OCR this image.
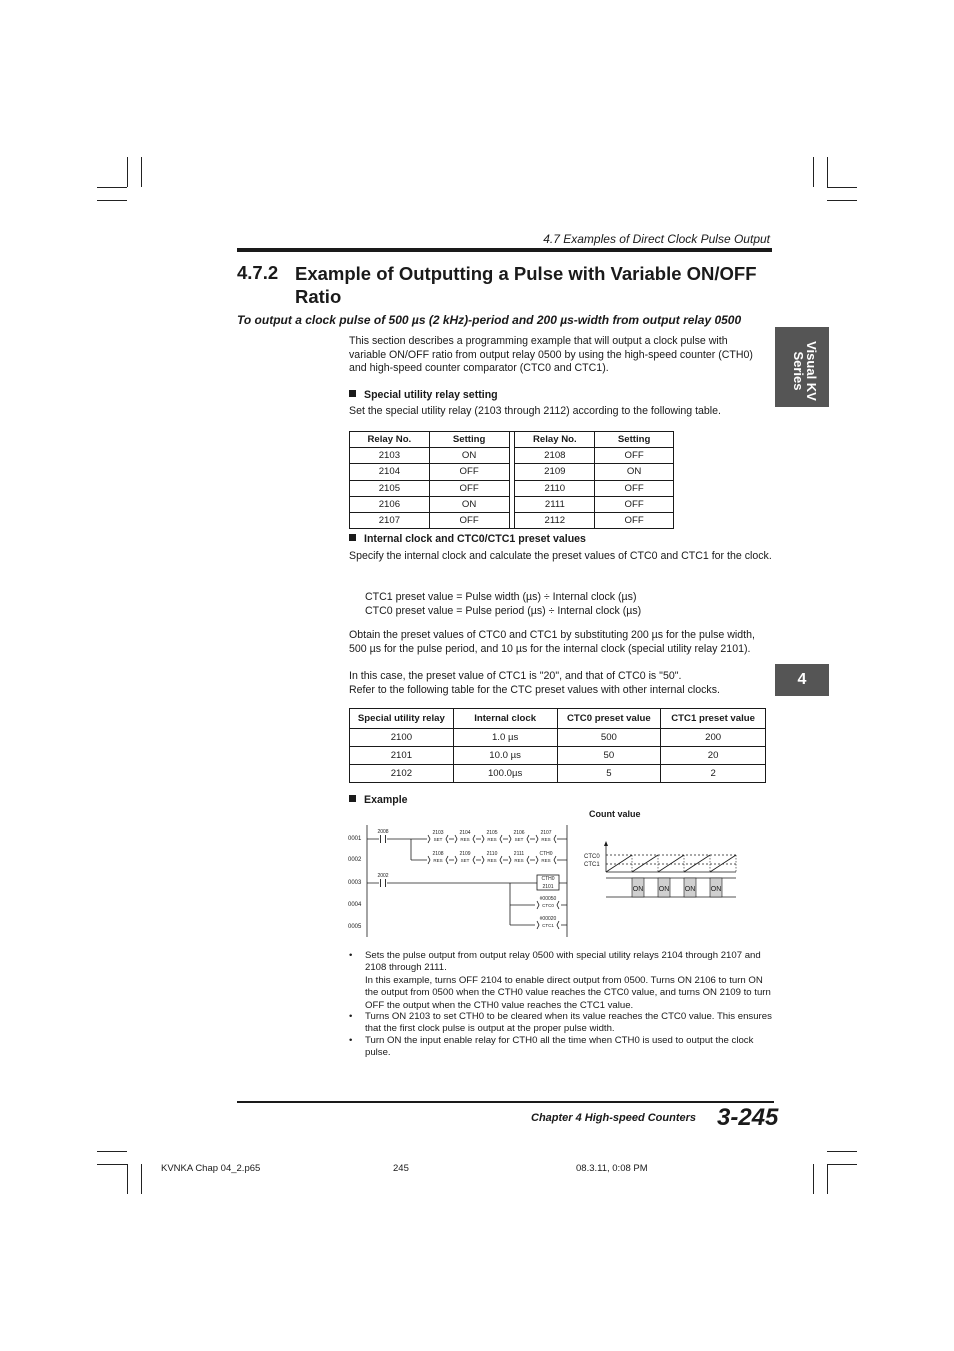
4.7 Examples of Direct Clock Pulse Output
4.7.2 Example of Outputting a Pulse with Variable ON/OFF Ratio
To output a clock pulse of 500 µs (2 kHz)-period and 200 µs-width from output relay 0500
Visual KV Series
4
This section describes a programming example that will output a clock pulse with variable ON/OFF ratio from output relay 0500 by using the high-speed counter (CTH0) and high-speed counter comparator (CTC0 and CTC1).
Special utility relay setting
Set the special utility relay (2103 through 2112) according to the following table.
Relay No.	Setting		Relay No.	Setting
2103	ON		2108	OFF
2104	OFF		2109	ON
2105	OFF		2110	OFF
2106	ON		2111	OFF
2107	OFF		2112	OFF
Internal clock and CTC0/CTC1 preset values
Specify the internal clock and calculate the preset values of CTC0 and CTC1 for the clock.
CTC1 preset value = Pulse width (µs) ÷ Internal clock (µs)
CTC0 preset value = Pulse period (µs) ÷ Internal clock (µs)
Obtain the preset values of CTC0 and CTC1 by substituting 200 µs for the pulse width, 500 µs for the pulse period, and 10 µs for the internal clock (special utility relay 2101).
In this case, the preset value of CTC1 is "20", and that of CTC0 is "50".
Refer to the following table for the CTC preset values with other internal clocks.
Special utility relay	Internal clock	CTC0 preset value	CTC1 preset value
2100	1.0 µs	500	200
2101	10.0 µs	50	20
2102	100.0µs	5	2
Example
Count value
2008
2002
2103
SET
2104
RES
2105
RES
2106
SET
2107
RES
2108
RES
2109
SET
2110
RES
2111
RES
CTH0
RES
CTH0
2101
#00050
CTC0
#00020
CTC1
0001
0002
0003
0004
0005
ON ON ON ON
CTC0
CTC1
• Sets the pulse output from output relay 0500 with special utility relays 2104 through 2107 and 2108 through 2111.
In this example, turns OFF 2104 to enable direct output from 0500. Turns ON 2106 to turn ON the output from 0500 when the CTH0 value reaches the CTC0 value, and turns ON 2109 to turn OFF the output when the CTH0 value reaches the CTC1 value.
• Turns ON 2103 to set CTH0 to be cleared when its value reaches the CTC0 value. This ensures that the first clock pulse is output at the proper pulse width.
• Turn ON the input enable relay for CTH0 all the time when CTH0 is used to output the clock pulse.
Chapter 4 High-speed Counters 3-245
KVNKA Chap 04_2.p65	245	08.3.11, 0:08 PM
